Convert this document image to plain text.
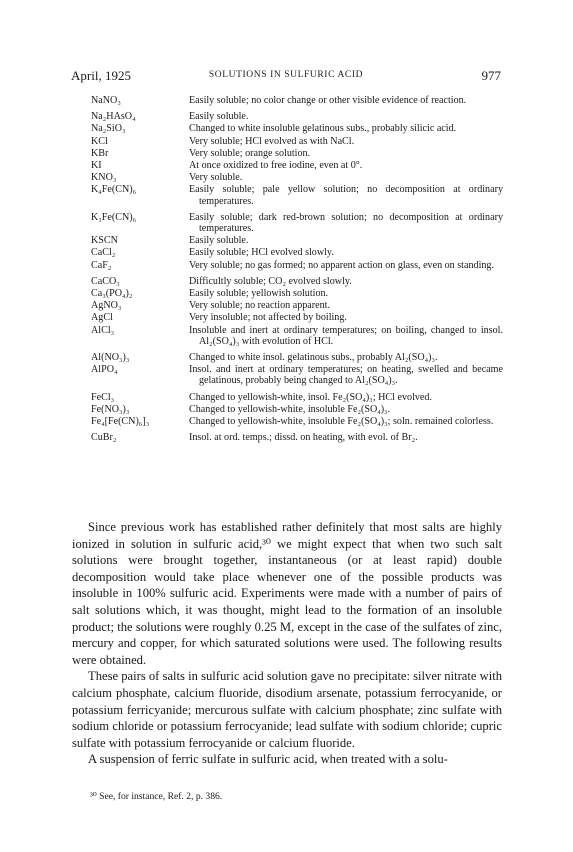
April, 1925	SOLUTIONS IN SULFURIC ACID	977
NaNO₃	Easily soluble; no color change or other visible evidence of reaction.
Na₂HAsO₄	Easily soluble.
Na₂SiO₃	Changed to white insoluble gelatinous subs., probably silicic acid.
KCl	Very soluble; HCl evolved as with NaCl.
KBr	Very soluble; orange solution.
KI	At once oxidized to free iodine, even at 0°.
KNO₃	Very soluble.
K₄Fe(CN)₆	Easily soluble; pale yellow solution; no decomposition at ordinary temperatures.
K₃Fe(CN)₆	Easily soluble; dark red-brown solution; no decomposition at ordinary temperatures.
KSCN	Easily soluble.
CaCl₂	Easily soluble; HCl evolved slowly.
CaF₂	Very soluble; no gas formed; no apparent action on glass, even on standing.
CaCO₃	Difficultly soluble; CO₂ evolved slowly.
Ca₃(PO₄)₂	Easily soluble; yellowish solution.
AgNO₃	Very soluble; no reaction apparent.
AgCl	Very insoluble; not affected by boiling.
AlCl₃	Insoluble and inert at ordinary temperatures; on boiling, changed to insol. Al₂(SO₄)₃ with evolution of HCl.
Al(NO₃)₃	Changed to white insol. gelatinous subs., probably Al₂(SO₄)₃.
AlPO₄	Insol. and inert at ordinary temperatures; on heating, swelled and became gelatinous, probably being changed to Al₂(SO₄)₃.
FeCl₃	Changed to yellowish-white, insol. Fe₂(SO₄)₃; HCl evolved.
Fe(NO₃)₃	Changed to yellowish-white, insoluble Fe₂(SO₄)₃.
Fe₄[Fe(CN)₆]₃	Changed to yellowish-white, insoluble Fe₂(SO₄)₃; soln. remained colorless.
CuBr₂	Insol. at ord. temps.; dissd. on heating, with evol. of Br₂.

Since previous work has established rather definitely that most salts are highly ionized in solution in sulfuric acid,³⁰ we might expect that when two such salt solutions were brought together, instantaneous (or at least rapid) double decomposition would take place whenever one of the possible products was insoluble in 100% sulfuric acid. Experiments were made with a number of pairs of salt solutions which, it was thought, might lead to the formation of an insoluble product; the solutions were roughly 0.25 M, except in the case of the sulfates of zinc, mercury and copper, for which saturated solutions were used. The following results were obtained.

These pairs of salts in sulfuric acid solution gave no precipitate: silver nitrate with calcium phosphate, calcium fluoride, disodium arsenate, potassium ferrocyanide, or potassium ferricyanide; mercurous sulfate with calcium phosphate; zinc sulfate with sodium chloride or potassium ferrocyanide; lead sulfate with sodium chloride; cupric sulfate with potassium ferrocyanide or calcium fluoride.

A suspension of ferric sulfate in sulfuric acid, when treated with a solu-

³⁰ See, for instance, Ref. 2, p. 386.
